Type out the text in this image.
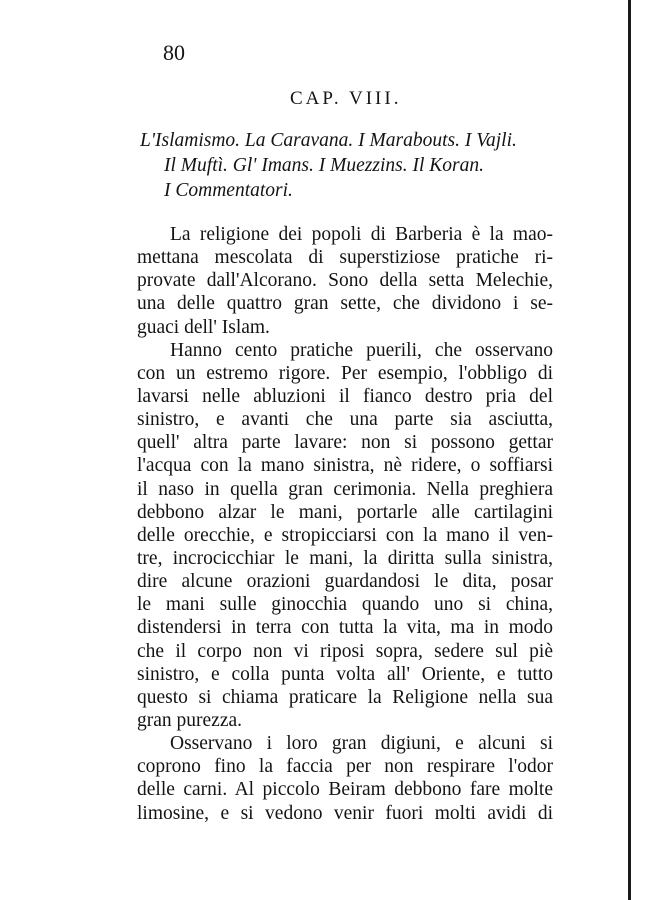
80
CAP. VIII.
L'Islamismo. La Caravana. I Marabouts. I Vajli.
Il Muftì. Gl' Imans. I Muezzins. Il Koran.
I Commentatori.
La religione dei popoli di Barberia è la mao-
mettana mescolata di superstiziose pratiche ri-
provate dall'Alcorano. Sono della setta Melechie,
una delle quattro gran sette, che dividono i se-
guaci dell' Islam.
Hanno cento pratiche puerili, che osservano
con un estremo rigore. Per esempio, l'obbligo di
lavarsi nelle abluzioni il fianco destro pria del
sinistro, e avanti che una parte sia asciutta,
quell' altra parte lavare: non si possono gettar
l'acqua con la mano sinistra, nè ridere, o soffiarsi
il naso in quella gran cerimonia. Nella preghiera
debbono alzar le mani, portarle alle cartilagini
delle orecchie, e stropicciarsi con la mano il ven-
tre, incrocicchiar le mani, la diritta sulla sinistra,
dire alcune orazioni guardandosi le dita, posar
le mani sulle ginocchia quando uno si china,
distendersi in terra con tutta la vita, ma in modo
che il corpo non vi riposi sopra, sedere sul piè
sinistro, e colla punta volta all' Oriente, e tutto
questo si chiama praticare la Religione nella sua
gran purezza.
Osservano i loro gran digiuni, e alcuni si
coprono fino la faccia per non respirare l'odor
delle carni. Al piccolo Beiram debbono fare molte
limosine, e si vedono venir fuori molti avidi di
